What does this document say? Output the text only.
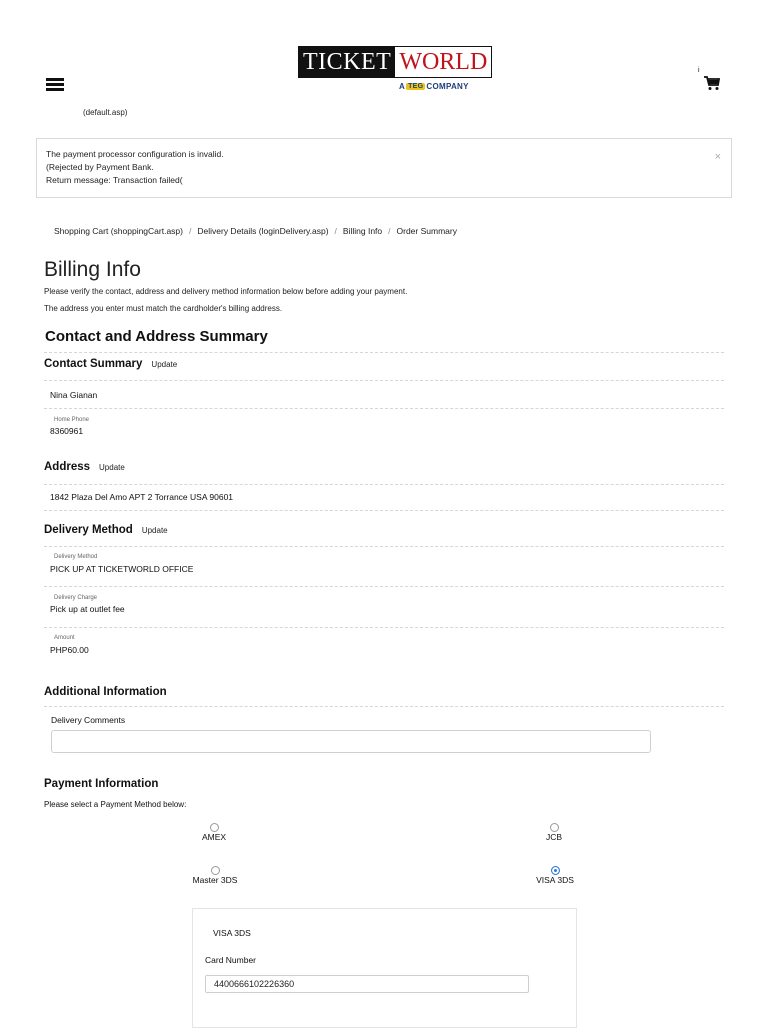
TICKET WORLD
A TEG COMPANY
i
(default.asp)
The payment processor configuration is invalid.
(Rejected by Payment Bank.
Return message: Transaction failed(
×
Shopping Cart (shoppingCart.asp) / Delivery Details (loginDelivery.asp) / Billing Info / Order Summary
Billing Info
Please verify the contact, address and delivery method information below before adding your payment.
The address you enter must match the cardholder's billing address.
Contact and Address Summary
Contact Summary Update
Nina Gianan
Home Phone
8360961
Address Update
1842 Plaza Del Amo APT 2 Torrance USA 90601
Delivery Method Update
Delivery Method
PICK UP AT TICKETWORLD OFFICE
Delivery Charge
Pick up at outlet fee
Amount
PHP60.00
Additional Information
Delivery Comments
Payment Information
Please select a Payment Method below:
AMEX	JCB
Master 3DS	VISA 3DS
VISA 3DS
Card Number
4400666102226360
